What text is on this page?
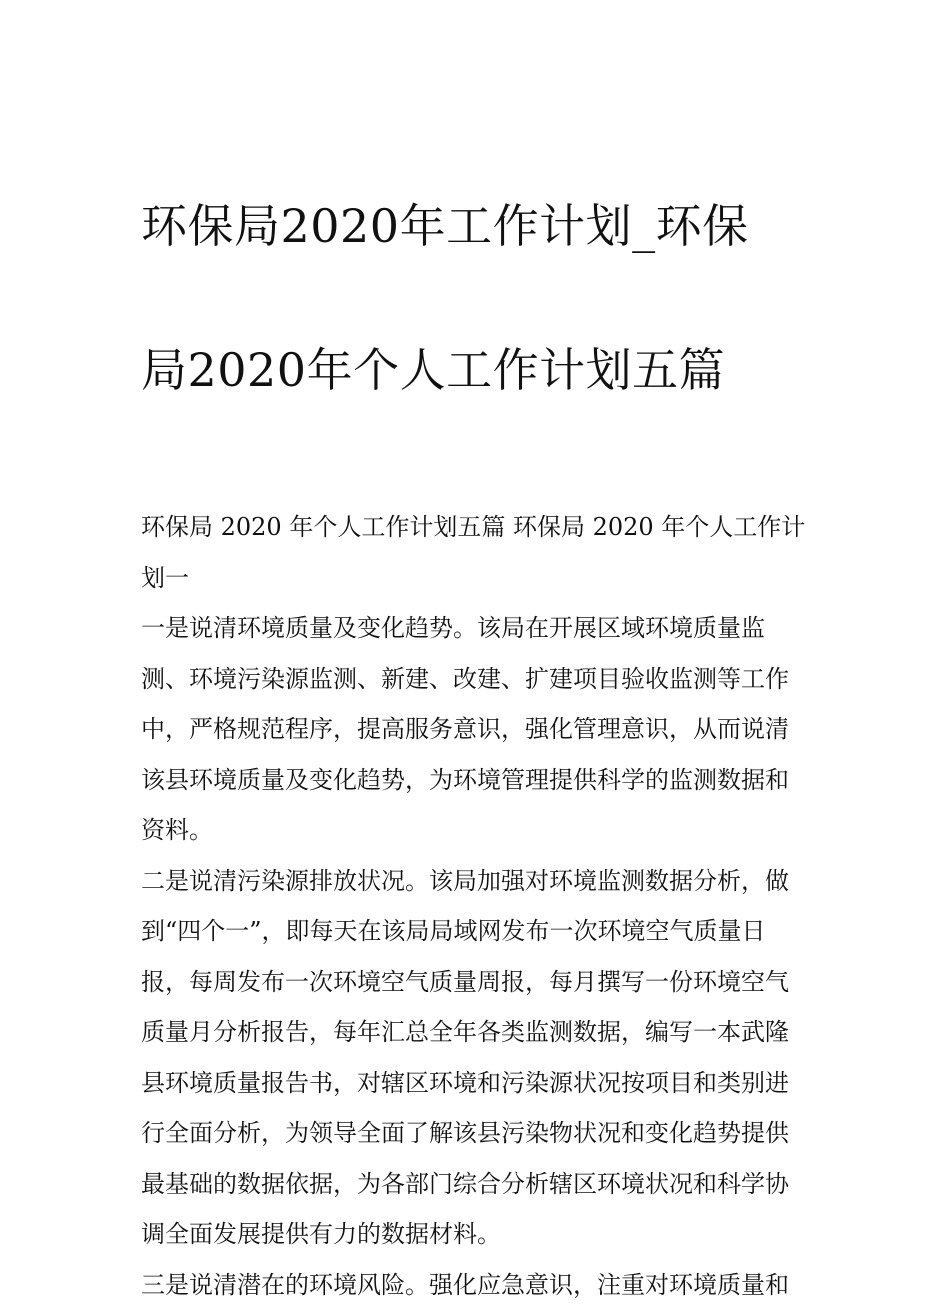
环保局2020年工作计划_环保

局2020年个人工作计划五篇

环保局 2020 年个人工作计划五篇 环保局 2020 年个人工作计
划一

一是说清环境质量及变化趋势。该局在开展区域环境质量监
测、环境污染源监测、新建、改建、扩建项目验收监测等工作
中，严格规范程序，提高服务意识，强化管理意识，从而说清
该县环境质量及变化趋势，为环境管理提供科学的监测数据和
资料。

二是说清污染源排放状况。该局加强对环境监测数据分析，做
到“四个一”，即每天在该局局域网发布一次环境空气质量日
报，每周发布一次环境空气质量周报，每月撰写一份环境空气
质量月分析报告，每年汇总全年各类监测数据，编写一本武隆
县环境质量报告书，对辖区环境和污染源状况按项目和类别进
行全面分析，为领导全面了解该县污染物状况和变化趋势提供
最基础的数据依据，为各部门综合分析辖区环境状况和科学协
调全面发展提供有力的数据材料。

三是说清潜在的环境风险。强化应急意识，注重对环境质量和
